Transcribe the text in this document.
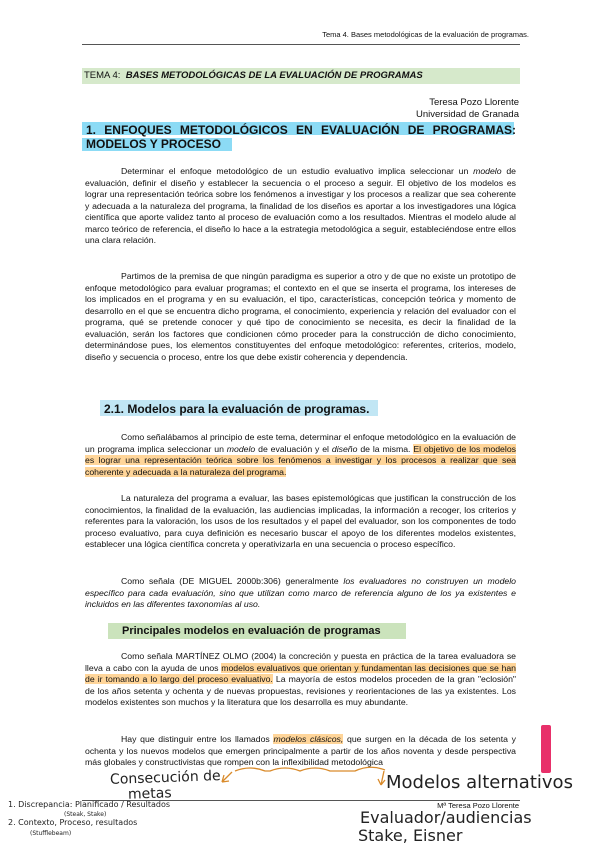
Tema 4. Bases metodológicas de la evaluación de programas.
TEMA 4: BASES METODOLÓGICAS DE LA EVALUACIÓN DE PROGRAMAS
Teresa Pozo Llorente
Universidad de Granada
1. ENFOQUES METODOLÓGICOS EN EVALUACIÓN DE PROGRAMAS: MODELOS Y PROCESO
Determinar el enfoque metodológico de un estudio evaluativo implica seleccionar un modelo de evaluación, definir el diseño y establecer la secuencia o el proceso a seguir. El objetivo de los modelos es lograr una representación teórica sobre los fenómenos a investigar y los procesos a realizar que sea coherente y adecuada a la naturaleza del programa, la finalidad de los diseños es aportar a los investigadores una lógica científica que aporte validez tanto al proceso de evaluación como a los resultados. Mientras el modelo alude al marco teórico de referencia, el diseño lo hace a la estrategia metodológica a seguir, estableciéndose entre ellos una clara relación.
Partimos de la premisa de que ningún paradigma es superior a otro y de que no existe un prototipo de enfoque metodológico para evaluar programas; el contexto en el que se inserta el programa, los intereses de los implicados en el programa y en su evaluación, el tipo, características, concepción teórica y momento de desarrollo en el que se encuentra dicho programa, el conocimiento, experiencia y relación del evaluador con el programa, qué se pretende conocer y qué tipo de conocimiento se necesita, es decir la finalidad de la evaluación, serán los factores que condicionen cómo proceder para la construcción de dicho conocimiento, determinándose pues, los elementos constituyentes del enfoque metodológico: referentes, criterios, modelo, diseño y secuencia o proceso, entre los que debe existir coherencia y dependencia.
2.1. Modelos para la evaluación de programas.
Como señalábamos al principio de este tema, determinar el enfoque metodológico en la evaluación de un programa implica seleccionar un modelo de evaluación y el diseño de la misma. El objetivo de los modelos es lograr una representación teórica sobre los fenómenos a investigar y los procesos a realizar que sea coherente y adecuada a la naturaleza del programa.
La naturaleza del programa a evaluar, las bases epistemológicas que justifican la construcción de los conocimientos, la finalidad de la evaluación, las audiencias implicadas, la información a recoger, los criterios y referentes para la valoración, los usos de los resultados y el papel del evaluador, son los componentes de todo proceso evaluativo, para cuya definición es necesario buscar el apoyo de los diferentes modelos existentes, establecer una lógica científica concreta y operativizarla en una secuencia o proceso específico.
Como señala (DE MIGUEL 2000b:306) generalmente los evaluadores no construyen un modelo específico para cada evaluación, sino que utilizan como marco de referencia alguno de los ya existentes e incluidos en las diferentes taxonomías al uso.
Principales modelos en evaluación de programas
Como señala MARTÍNEZ OLMO (2004) la concreción y puesta en práctica de la tarea evaluadora se lleva a cabo con la ayuda de unos modelos evaluativos que orientan y fundamentan las decisiones que se han de ir tomando a lo largo del proceso evaluativo. La mayoría de estos modelos proceden de la gran "eclosión" de los años setenta y ochenta y de nuevas propuestas, revisiones y reorientaciones de las ya existentes. Los modelos existentes son muchos y la literatura que los desarrolla es muy abundante.
Hay que distinguir entre los llamados modelos clásicos, que surgen en la década de los setenta y ochenta y los nuevos modelos que emergen principalmente a partir de los años noventa y desde perspectiva más globales y constructivistas que rompen con la inflexibilidad metodológica
Mª Teresa Pozo Llorente
Consecución de
metas
1. Discrepancia: Planificado / Resultados
(Steak, Stake)
2. Contexto, Proceso, resultados
(Stufflebeam)
Modelos alternativos
Evaluador/audiencias
Stake, Eisner
